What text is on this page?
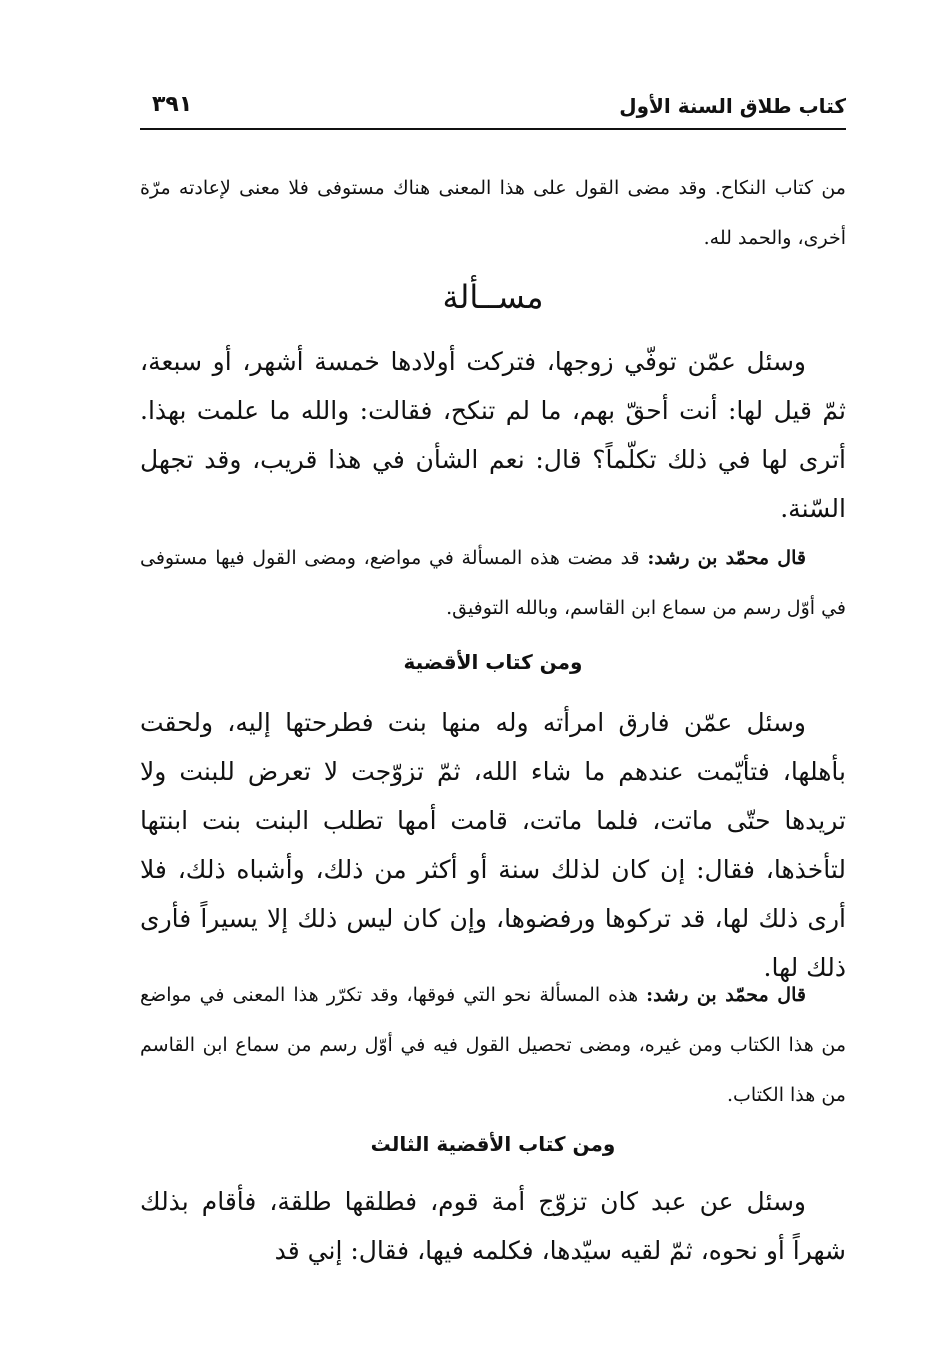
كتاب طلاق السنة الأول
٣٩١
من كتاب النكاح. وقد مضى القول على هذا المعنى هناك مستوفى فلا معنى لإعادته مرّة أخرى، والحمد لله.
مســألة
وسئل عمّن توفّي زوجها، فتركت أولادها خمسة أشهر، أو سبعة، ثمّ قيل لها: أنت أحقّ بهم، ما لم تنكح، فقالت: والله ما علمت بهذا. أترى لها في ذلك تكلّماً؟ قال: نعم الشأن في هذا قريب، وقد تجهل السّنة.
قال محمّد بن رشد: قد مضت هذه المسألة في مواضع، ومضى القول فيها مستوفى في أوّل رسم من سماع ابن القاسم، وبالله التوفيق.
ومن كتاب الأقضية
وسئل عمّن فارق امرأته وله منها بنت فطرحتها إليه، ولحقت بأهلها، فتأيّمت عندهم ما شاء الله، ثمّ تزوّجت لا تعرض للبنت ولا تريدها حتّى ماتت، فلما ماتت، قامت أمها تطلب البنت بنت ابنتها لتأخذها، فقال: إن كان لذلك سنة أو أكثر من ذلك، وأشباه ذلك، فلا أرى ذلك لها، قد تركوها ورفضوها، وإن كان ليس ذلك إلا يسيراً فأرى ذلك لها.
قال محمّد بن رشد: هذه المسألة نحو التي فوقها، وقد تكرّر هذا المعنى في مواضع من هذا الكتاب ومن غيره، ومضى تحصيل القول فيه في أوّل رسم من سماع ابن القاسم من هذا الكتاب.
ومن كتاب الأقضية الثالث
وسئل عن عبد كان تزوّج أمة قوم، فطلقها طلقة، فأقام بذلك شهراً أو نحوه، ثمّ لقيه سيّدها، فكلمه فيها، فقال: إني قد
